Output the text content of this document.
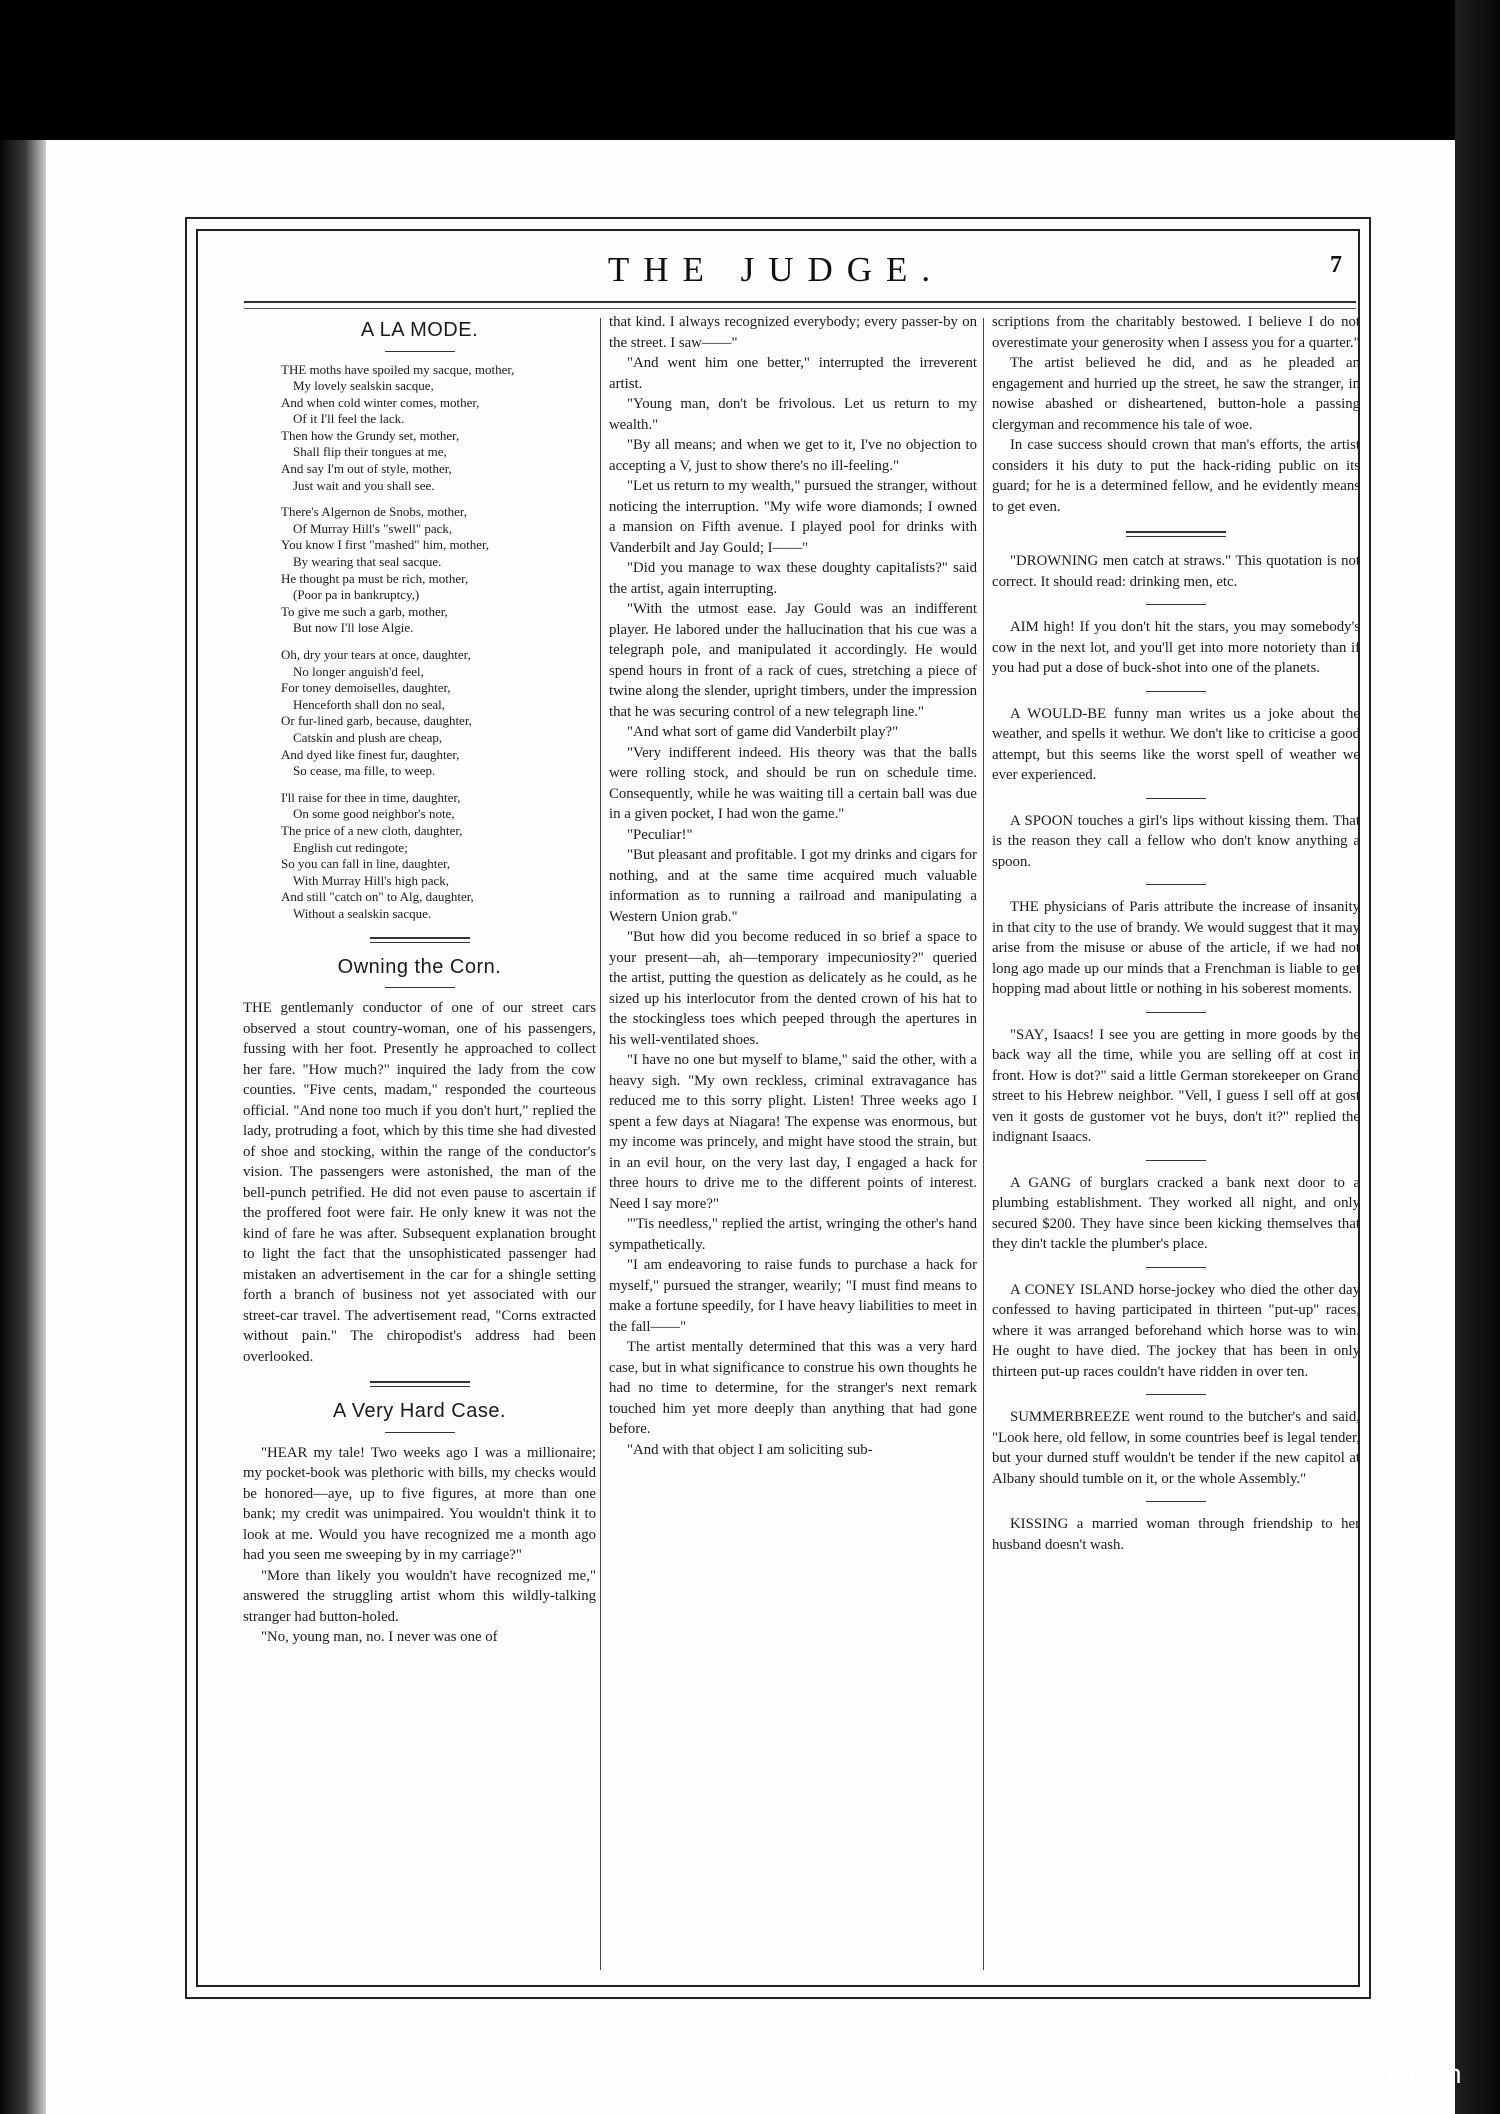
THE JUDGE.	7
A LA MODE.
THE moths have spoiled my sacque, mother,
My lovely sealskin sacque,
And when cold winter comes, mother,
Of it I'll feel the lack.
Then how the Grundy set, mother,
Shall flip their tongues at me,
And say I'm out of style, mother,
Just wait and you shall see.
There's Algernon de Snobs, mother,
Of Murray Hill's "swell" pack,
You know I first "mashed" him, mother,
By wearing that seal sacque.
He thought pa must be rich, mother,
(Poor pa in bankruptcy,)
To give me such a garb, mother,
But now I'll lose Algie.
Oh, dry your tears at once, daughter,
No longer anguish'd feel,
For toney demoiselles, daughter,
Henceforth shall don no seal,
Or fur-lined garb, because, daughter,
Catskin and plush are cheap,
And dyed like finest fur, daughter,
So cease, ma fille, to weep.
I'll raise for thee in time, daughter,
On some good neighbor's note,
The price of a new cloth, daughter,
English cut redingote;
So you can fall in line, daughter,
With Murray Hill's high pack,
And still "catch on" to Alg, daughter,
Without a sealskin sacque.
Owning the Corn.

THE gentlemanly conductor of one of our street cars observed a stout country-woman, one of his passengers, fussing with her foot. Presently he approached to collect her fare. "How much?" inquired the lady from the cow counties. "Five cents, madam," responded the courteous official. "And none too much if you don't hurt," replied the lady, protruding a foot, which by this time she had divested of shoe and stocking, within the range of the conductor's vision. The passengers were astonished, the man of the bell-punch petrified. He did not even pause to ascertain if the proffered foot were fair. He only knew it was not the kind of fare he was after. Subsequent explanation brought to light the fact that the unsophisticated passenger had mistaken an advertisement in the car for a shingle setting forth a branch of business not yet associated with our street-car travel. The advertisement read, "Corns extracted without pain." The chiropodist's address had been overlooked.

A Very Hard Case.

"HEAR my tale! Two weeks ago I was a millionaire; my pocket-book was plethoric with bills, my checks would be honored—aye, up to five figures, at more than one bank; my credit was unimpaired. You wouldn't think it to look at me. Would you have recognized me a month ago had you seen me sweeping by in my carriage?"

"More than likely you wouldn't have recognized me," answered the struggling artist whom this wildly-talking stranger had button-holed.

"No, young man, no. I never was one of

that kind. I always recognized everybody; every passer-by on the street. I saw——"

"And went him one better," interrupted the irreverent artist.

"Young man, don't be frivolous. Let us return to my wealth."

"By all means; and when we get to it, I've no objection to accepting a V, just to show there's no ill-feeling."

"Let us return to my wealth," pursued the stranger, without noticing the interruption. "My wife wore diamonds; I owned a mansion on Fifth avenue. I played pool for drinks with Vanderbilt and Jay Gould; I——"

"Did you manage to wax these doughty capitalists?" said the artist, again interrupting.

"With the utmost ease. Jay Gould was an indifferent player. He labored under the hallucination that his cue was a telegraph pole, and manipulated it accordingly. He would spend hours in front of a rack of cues, stretching a piece of twine along the slender, upright timbers, under the impression that he was securing control of a new telegraph line."

"And what sort of game did Vanderbilt play?"

"Very indifferent indeed. His theory was that the balls were rolling stock, and should be run on schedule time. Consequently, while he was waiting till a certain ball was due in a given pocket, I had won the game."

"Peculiar!"

"But pleasant and profitable. I got my drinks and cigars for nothing, and at the same time acquired much valuable information as to running a railroad and manipulating a Western Union grab."

"But how did you become reduced in so brief a space to your present—ah, ah—temporary impecuniosity?" queried the artist, putting the question as delicately as he could, as he sized up his interlocutor from the dented crown of his hat to the stockingless toes which peeped through the apertures in his well-ventilated shoes.

"I have no one but myself to blame," said the other, with a heavy sigh. "My own reckless, criminal extravagance has reduced me to this sorry plight. Listen! Three weeks ago I spent a few days at Niagara! The expense was enormous, but my income was princely, and might have stood the strain, but in an evil hour, on the very last day, I engaged a hack for three hours to drive me to the different points of interest. Need I say more?"

"'Tis needless," replied the artist, wringing the other's hand sympathetically.

"I am endeavoring to raise funds to purchase a hack for myself," pursued the stranger, wearily; "I must find means to make a fortune speedily, for I have heavy liabilities to meet in the fall——"

The artist mentally determined that this was a very hard case, but in what significance to construe his own thoughts he had no time to determine, for the stranger's next remark touched him yet more deeply than anything that had gone before.

"And with that object I am soliciting sub-

scriptions from the charitably bestowed. I believe I do not overestimate your generosity when I assess you for a quarter."

The artist believed he did, and as he pleaded an engagement and hurried up the street, he saw the stranger, in nowise abashed or disheartened, button-hole a passing clergyman and recommence his tale of woe.

In case success should crown that man's efforts, the artist considers it his duty to put the hack-riding public on its guard; for he is a determined fellow, and he evidently means to get even.

"DROWNING men catch at straws." This quotation is not correct. It should read: drinking men, etc.

AIM high! If you don't hit the stars, you may somebody's cow in the next lot, and you'll get into more notoriety than if you had put a dose of buck-shot into one of the planets.

A WOULD-BE funny man writes us a joke about the weather, and spells it wethur. We don't like to criticise a good attempt, but this seems like the worst spell of weather we ever experienced.

A SPOON touches a girl's lips without kissing them. That is the reason they call a fellow who don't know anything a spoon.

THE physicians of Paris attribute the increase of insanity in that city to the use of brandy. We would suggest that it may arise from the misuse or abuse of the article, if we had not long ago made up our minds that a Frenchman is liable to get hopping mad about little or nothing in his soberest moments.

"SAY, Isaacs! I see you are getting in more goods by the back way all the time, while you are selling off at cost in front. How is dot?" said a little German storekeeper on Grand street to his Hebrew neighbor. "Vell, I guess I sell off at gost ven it gosts de gustomer vot he buys, don't it?" replied the indignant Isaacs.

A GANG of burglars cracked a bank next door to a plumbing establishment. They worked all night, and only secured $200. They have since been kicking themselves that they din't tackle the plumber's place.

A CONEY ISLAND horse-jockey who died the other day confessed to having participated in thirteen "put-up" races, where it was arranged beforehand which horse was to win. He ought to have died. The jockey that has been in only thirteen put-up races couldn't have ridden in over ten.

SUMMERBREEZE went round to the butcher's and said, "Look here, old fellow, in some countries beef is legal tender, but your durned stuff wouldn't be tender if the new capitol at Albany should tumble on it, or the whole Assembly."

KISSING a married woman through friendship to her husband doesn't wash.

comicbooks.com
